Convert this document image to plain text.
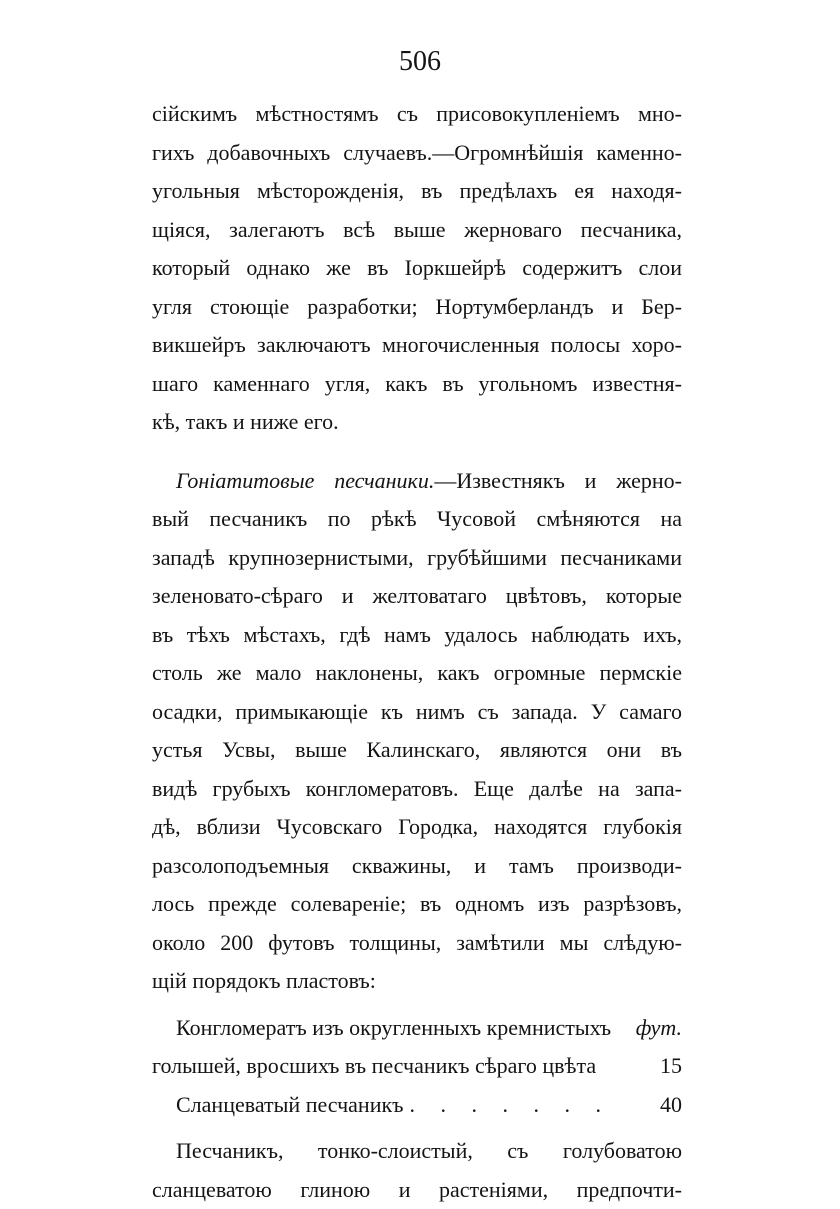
506
сійскимъ мѣстностямъ съ присовокупленіемъ мно-
гихъ добавочныхъ случаевъ.—Огромнѣйшія каменно-
угольныя мѣсторожденія, въ предѣлахъ ея находя-
щіяся, залегаютъ всѣ выше жерноваго песчаника,
который однако же въ Іоркшейрѣ содержитъ слои
угля стоющіе разработки; Нортумберландъ и Бер-
викшейръ заключаютъ многочисленныя полосы хоро-
шаго каменнаго угля, какъ въ угольномъ известня-
кѣ, такъ и ниже его.
Гоніатитовые песчаники.—Известнякъ и жерно-
вый песчаникъ по рѣкѣ Чусовой смѣняются на
западѣ крупнозернистыми, грубѣйшими песчаниками
зеленовато-сѣраго и желтоватаго цвѣтовъ, которые
въ тѣхъ мѣстахъ, гдѣ намъ удалось наблюдать ихъ,
столь же мало наклонены, какъ огромные пермскіе
осадки, примыкающіе къ нимъ съ запада. У самаго
устья Усвы, выше Калинскаго, являются они въ
видѣ грубыхъ конгломератовъ. Еще далѣе на запа-
дѣ, вблизи Чусовскаго Городка, находятся глубокія
разсолоподъемныя скважины, и тамъ производи-
лось прежде солевареніе; въ одномъ изъ разрѣзовъ,
около 200 футовъ толщины, замѣтили мы слѣдую-
щій порядокъ пластовъ:
Конгломератъ изъ округленныхъ кремнистыхъ	фут.
голышей, вросшихъ въ песчаникъ сѣраго цвѣта	15
Сланцеватый песчаникъ . . . . . . .	40
Песчаникъ, тонко-слоистый, съ голубоватою
сланцеватою глиною и растеніями, предпочти-
